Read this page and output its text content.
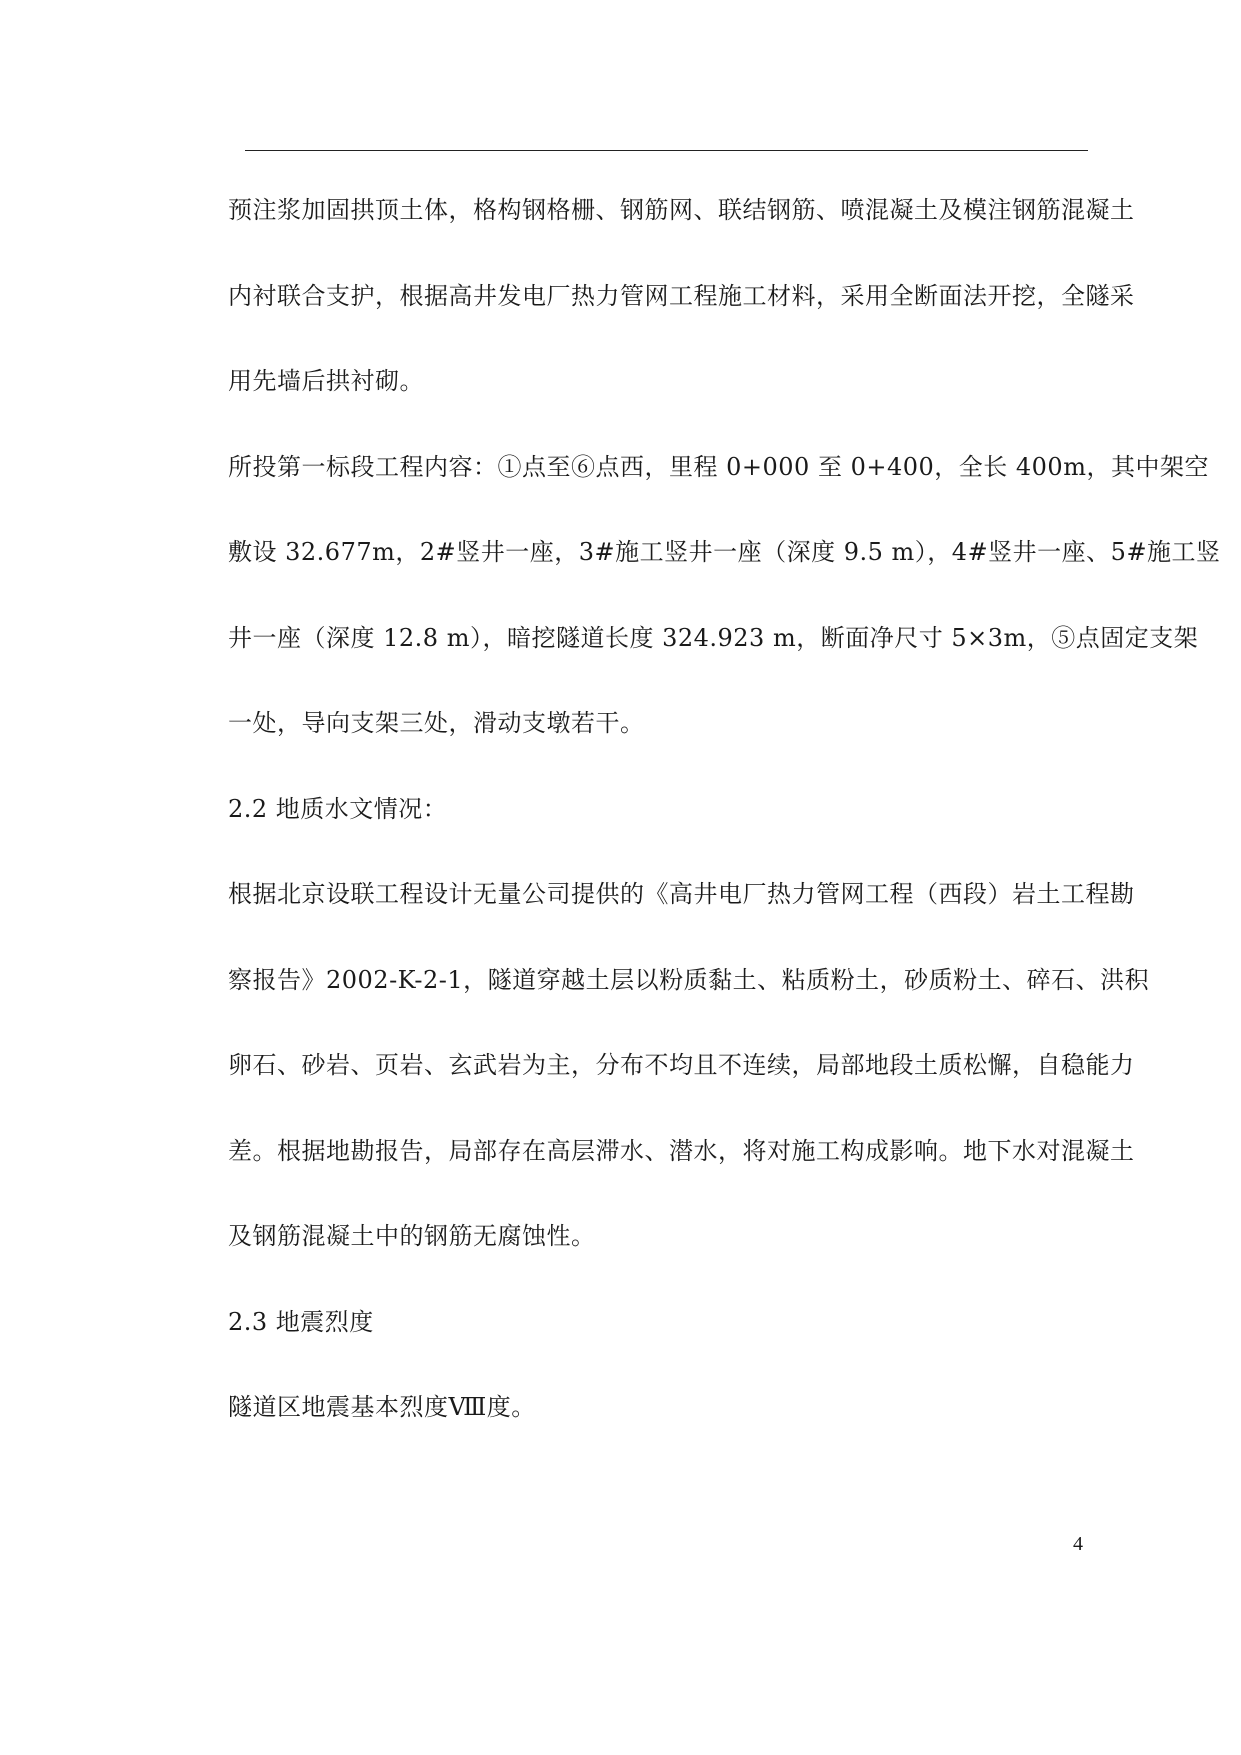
预注浆加固拱顶土体，格构钢格栅、钢筋网、联结钢筋、喷混凝土及模注钢筋混凝土
内衬联合支护，根据高井发电厂热力管网工程施工材料，采用全断面法开挖，全隧采
用先墙后拱衬砌。
所投第一标段工程内容：①点至⑥点西，里程 0+000 至 0+400，全长 400m，其中架空
敷设 32.677m，2#竖井一座，3#施工竖井一座（深度 9.5 m），4#竖井一座、5#施工竖
井一座（深度 12.8 m），暗挖隧道长度 324.923 m，断面净尺寸 5×3m，⑤点固定支架
一处，导向支架三处，滑动支墩若干。
2.2 地质水文情况：
根据北京设联工程设计无量公司提供的《高井电厂热力管网工程（西段）岩土工程勘
察报告》2002-K-2-1，隧道穿越土层以粉质黏土、粘质粉土，砂质粉土、碎石、洪积
卵石、砂岩、页岩、玄武岩为主，分布不均且不连续，局部地段土质松懈，自稳能力
差。根据地勘报告，局部存在高层滞水、潜水，将对施工构成影响。地下水对混凝土
及钢筋混凝土中的钢筋无腐蚀性。
2.3 地震烈度
隧道区地震基本烈度Ⅷ度。
4
